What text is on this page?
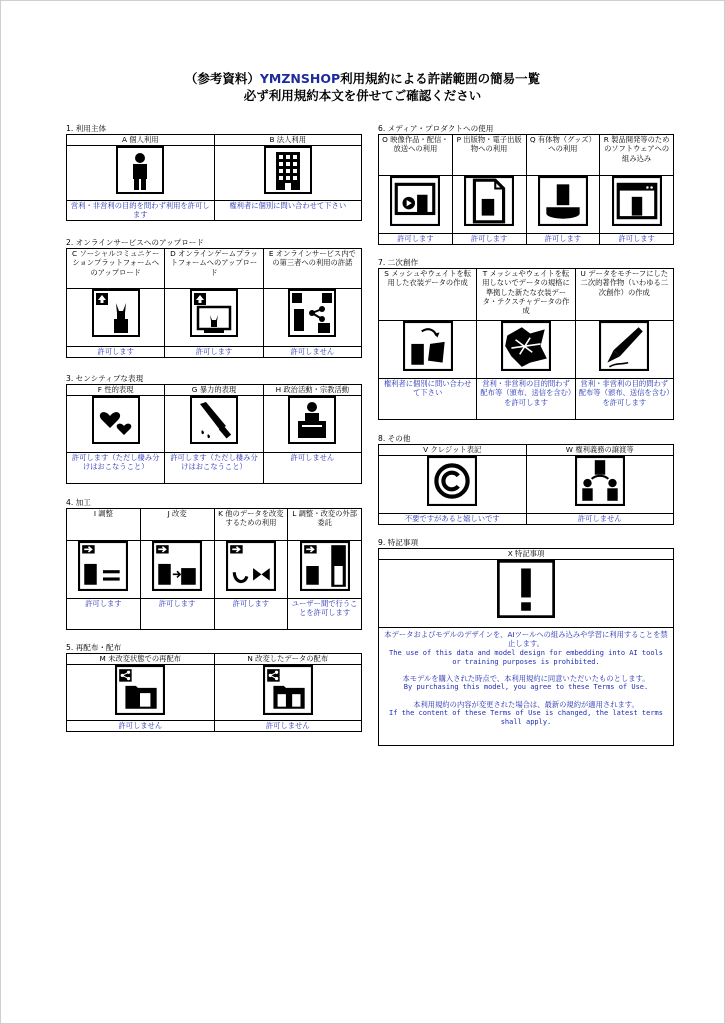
（参考資料）YMZNSHOP利用規約による許諾範囲の簡易一覧
必ず利用規約本文を併せてご確認ください
1. 利用主体
A 個人利用	B 法人利用

営利・非営利の目的を問わず利用を許可します	権利者に個別に問い合わせて下さい
2. オンラインサービスへのアップロード
C ソーシャルコミュニケーションプラットフォームへのアップロード	D オンラインゲームプラットフォームへのアップロード	E オンラインサービス内での第三者への利用の許諾

許可します	許可します	許可しません
3. センシティブな表現
F 性的表現	G 暴力的表現	H 政治活動・宗教活動

許可します（ただし棲み分けはおこなうこと）	許可します（ただし棲み分けはおこなうこと）	許可しません
4. 加工
I 調整	J 改変	K 他のデータを改変するための利用	L 調整・改変の外部委託

許可します	許可します	許可します	ユーザー間で行うことを許可します
5. 再配布・配布
M 未改変状態での再配布	N 改変したデータの配布

許可しません	許可しません
6. メディア・プロダクトへの使用
O 映像作品・配信・放送への利用	P 出版物・電子出版物への利用	Q 有体物（グッズ）への利用	R 製品開発等のためのソフトウェアへの組み込み

許可します	許可します	許可します	許可します
7. 二次創作
S メッシュやウェイトを転用した衣装データの作成	T メッシュやウェイトを転用しないでデータの規格に準拠した新たな衣装データ・テクスチャデータの作成	U データをモチーフにした二次的著作物（いわゆる二次創作）の作成

権利者に個別に問い合わせて下さい	営利・非営利の目的問わず配布等（頒布、送信を含む）を許可します	営利・非営利の目的問わず配布等（頒布、送信を含む）を許可します
8. その他
V クレジット表記	W 権利義務の譲渡等

不要ですがあると嬉しいです	許可しません
9. 特記事項
X 特記事項

本データおよびモデルのデザインを、AIツールへの組み込みや学習に利用することを禁止します。
The use of this data and model design for embedding into AI tools or training purposes is prohibited.
本モデルを購入された時点で、本利用規約に同意いただいたものとします。
By purchasing this model, you agree to these Terms of Use.
本利用規約の内容が変更された場合は、最新の規約が適用されます。
If the content of these Terms of Use is changed, the latest terms shall apply.
